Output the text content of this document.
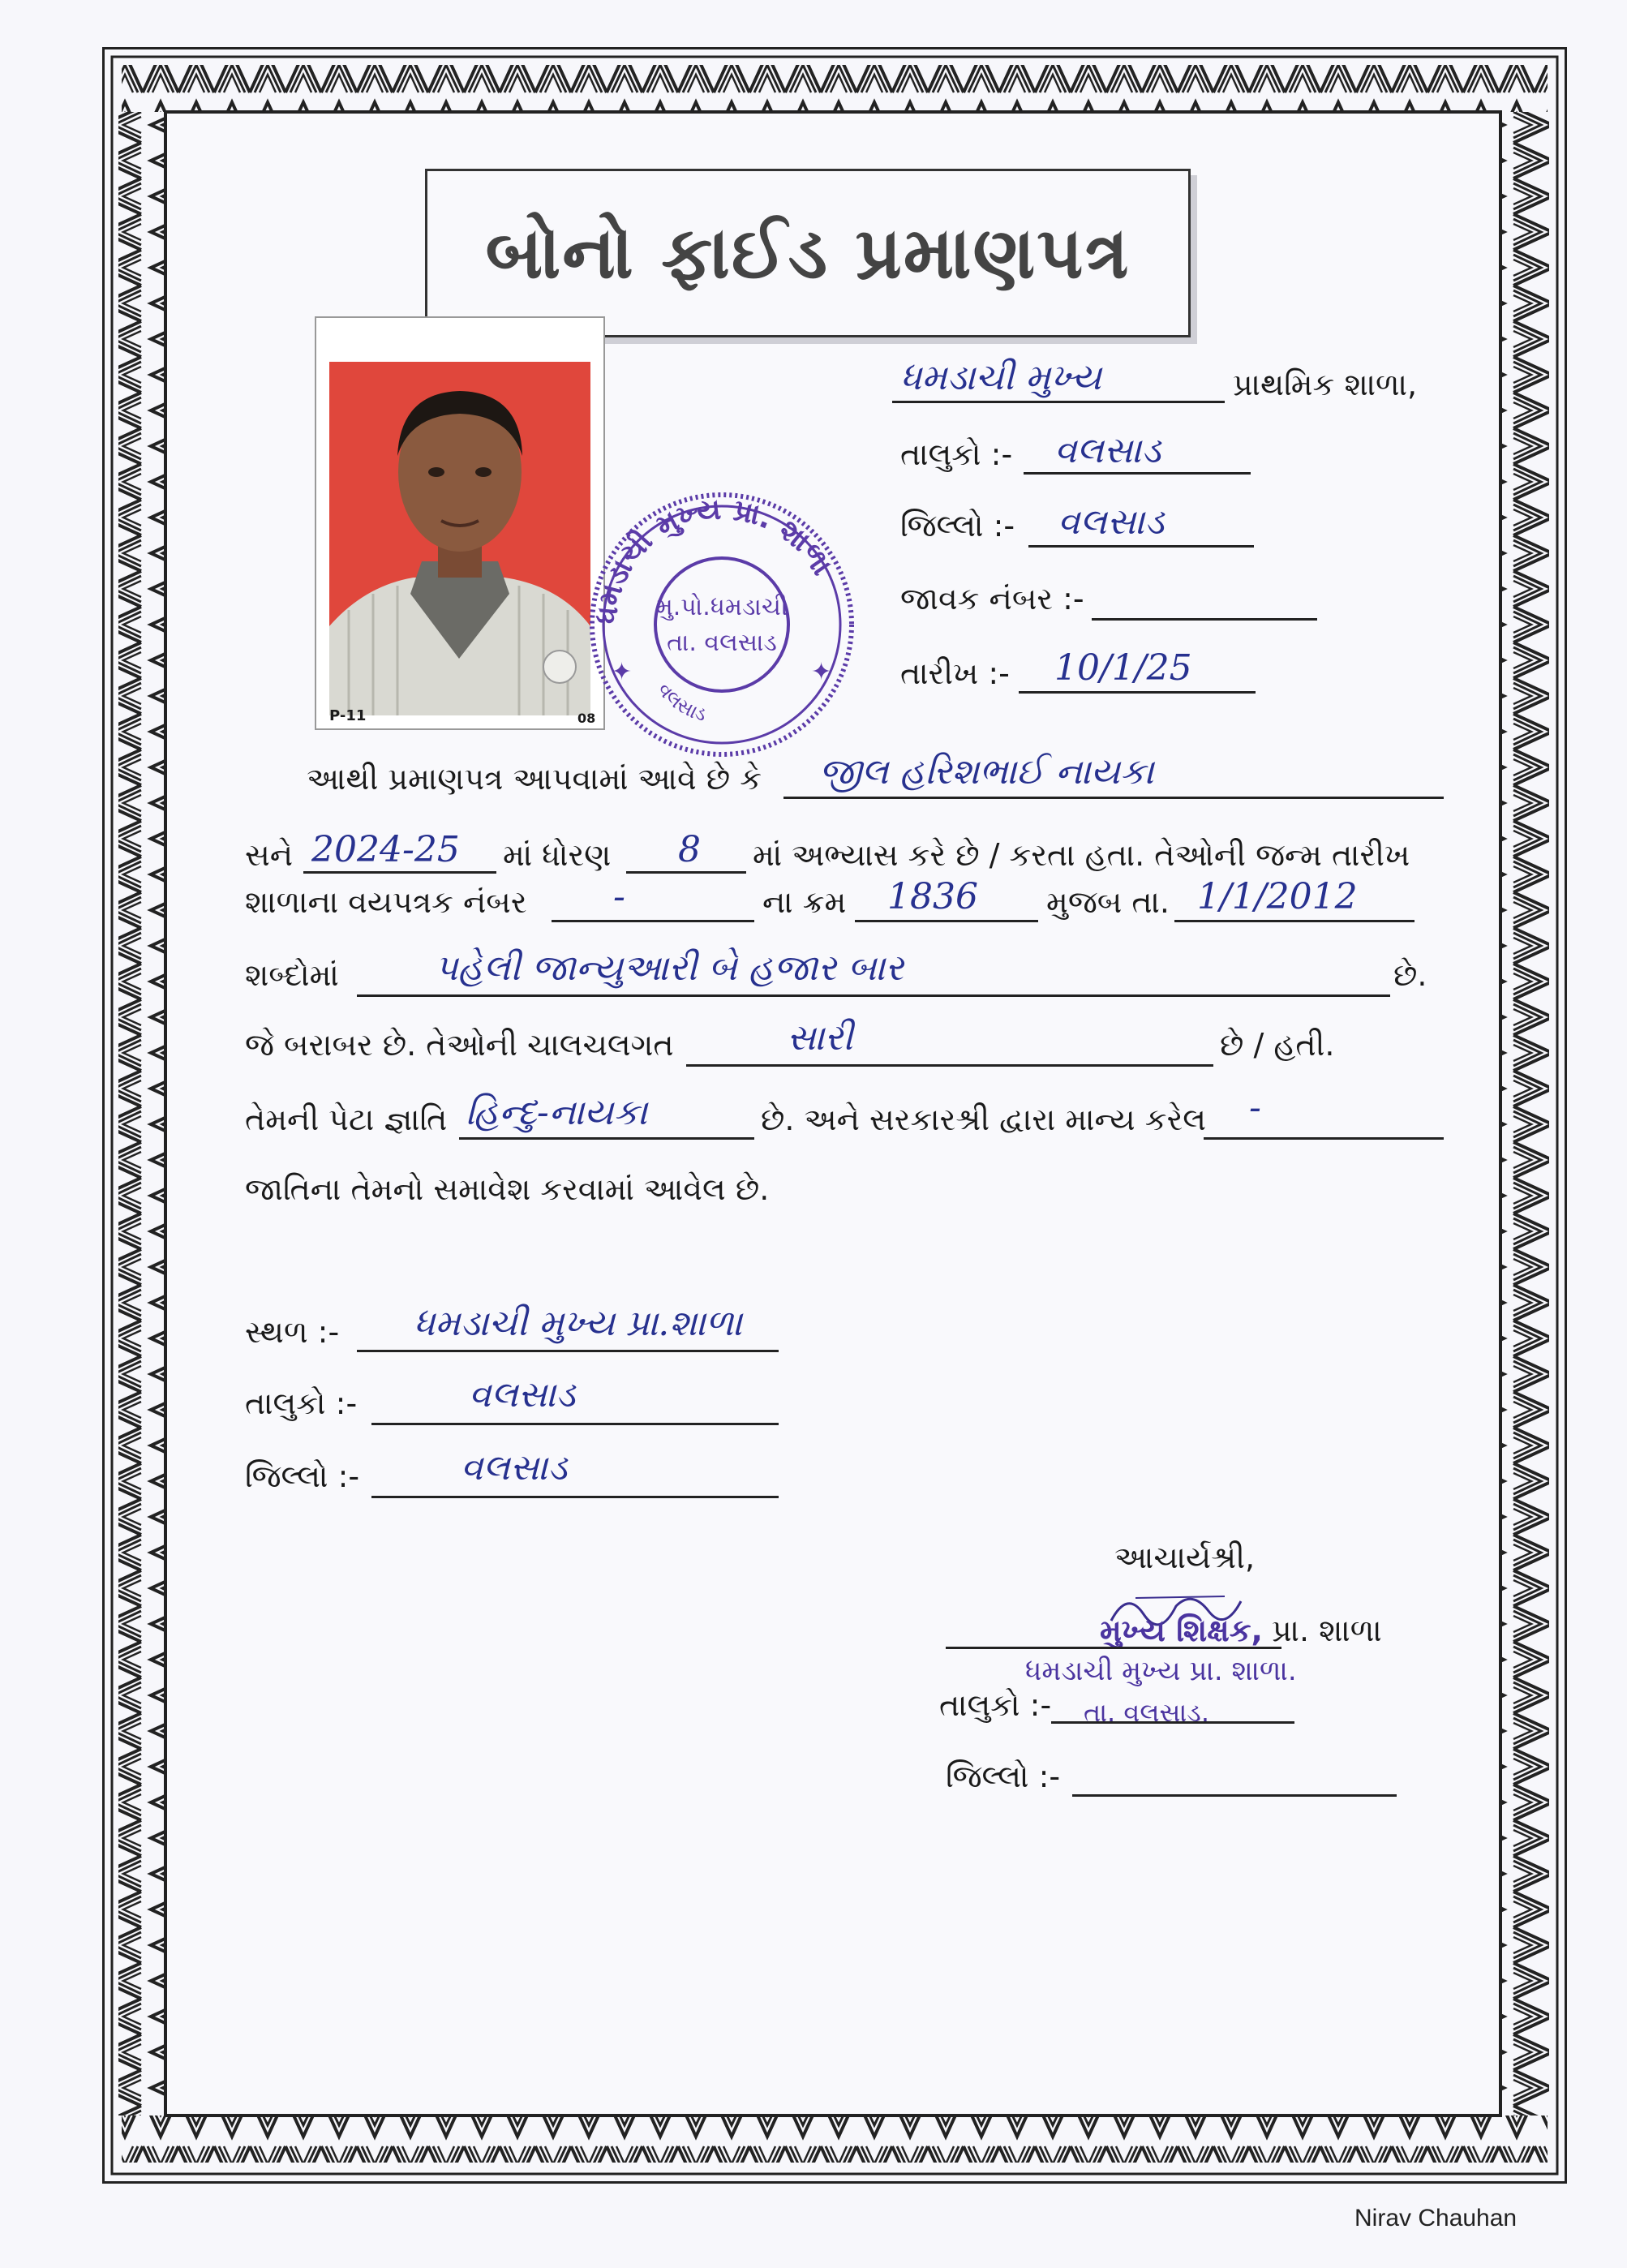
બોનો ફાઈડ પ્રમાણપત્ર
P-11	08
ધમડાચી મુખ્ય પ્રા. શાળા
મુ.પો.ધમડાચી
તા. વલસાડ
વલસાડ
✦	✦
ધમડાચી મુખ્ય	પ્રાથમિક શાળા,
તાલુકો :- વલસાડ
જિલ્લો :- વલસાડ
જાવક નંબર :-
તારીખ :- 10/1/25
આથી પ્રમાણપત્ર આપવામાં આવે છે કે જીલ હરિશભાઈ નાયકા
સને 2024-25 માં ધોરણ 8 માં અભ્યાસ કરે છે / કરતા હતા. તેઓની જન્મ તારીખ
શાળાના વયપત્રક નંબર -	ના ક્રમ 1836 મુજબ તા. 1/1/2012
શબ્દોમાં	પહેલી જાન્યુઆરી બે હજાર બાર	છે.
જે બરાબર છે. તેઓની ચાલચલગત	સારી	છે / હતી.
તેમની પેટા જ્ઞાતિ હિન્દુ-નાયકા	છે. અને સરકારશ્રી દ્વારા માન્ય કરેલ -
જાતિના તેમનો સમાવેશ કરવામાં આવેલ છે.
સ્થળ :- ધમડાચી મુખ્ય પ્રા.શાળા
તાલુકો :-	વલસાડ
જિલ્લો :-	વલસાડ
આચાર્યશ્રી,
મુખ્ય શિક્ષક, પ્રા. શાળા
તાલુકો :-
ધમડાચી મુખ્ય પ્રા. શાળા.
તા. વલસાડ.
જિલ્લો :-
Nirav Chauhan
